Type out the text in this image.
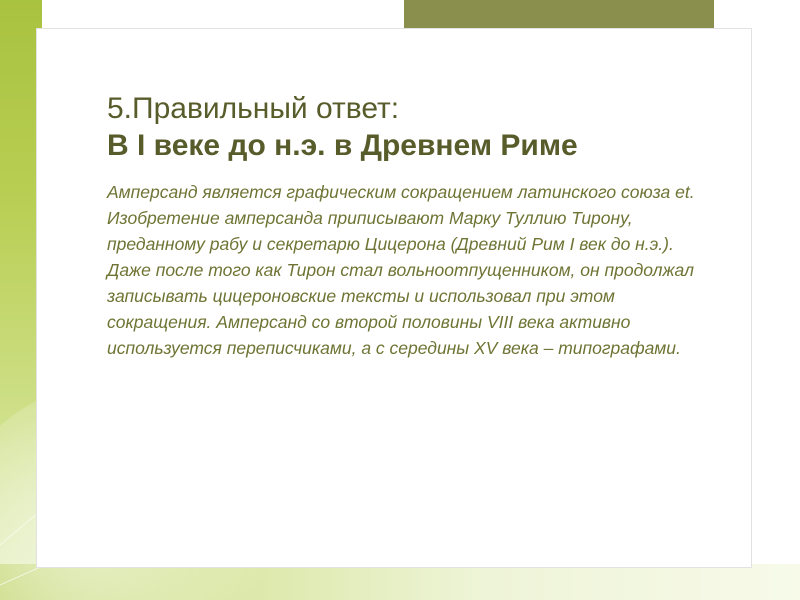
5.Правильный ответ:
В I веке до н.э. в Древнем Риме

Амперсанд является графическим сокращением латинского союза et. Изобретение амперсанда приписывают Марку Туллию Тирону, преданному рабу и секретарю Цицерона (Древний Рим I век до н.э.). Даже после того как Тирон стал вольноотпущенником, он продолжал записывать цицероновские тексты и использовал при этом сокращения. Амперсанд со второй половины VIII века активно используется переписчиками, а с середины XV века – типографами.
